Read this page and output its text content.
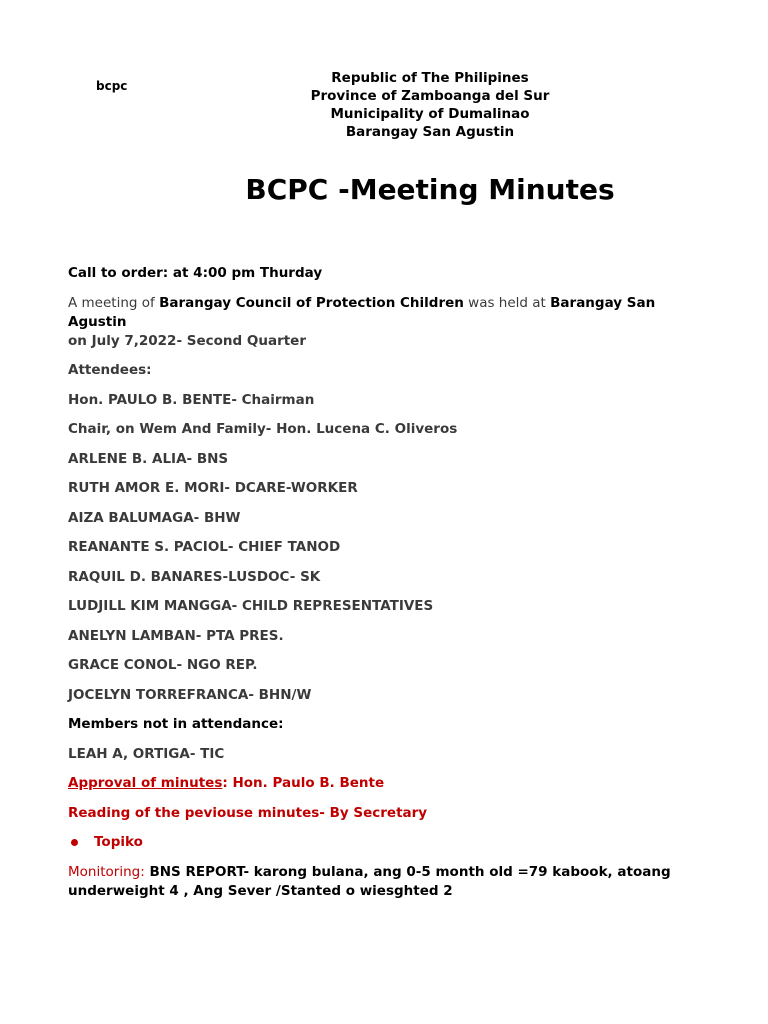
bcpc	Republic of The Philipines
Province of Zamboanga del Sur
Municipality of Dumalinao
Barangay San Agustin
BCPC -Meeting Minutes

Call to order: at 4:00 pm Thurday

A meeting of Barangay Council of Protection Children was held at Barangay San Agustin

on July 7,2022- Second Quarter

Attendees:

Hon. PAULO B. BENTE- Chairman

Chair, on Wem And Family- Hon. Lucena C. Oliveros

ARLENE B. ALIA- BNS

RUTH AMOR E. MORI- DCARE-WORKER

AIZA BALUMAGA- BHW

REANANTE S. PACIOL- CHIEF TANOD

RAQUIL D. BANARES-LUSDOC- SK

LUDJILL KIM MANGGA- CHILD REPRESENTATIVES

ANELYN LAMBAN- PTA PRES.

GRACE CONOL- NGO REP.

JOCELYN TORREFRANCA- BHN/W

Members not in attendance:

LEAH A, ORTIGA- TIC

Approval of minutes: Hon. Paulo B. Bente

Reading of the peviouse minutes- By Secretary

Topiko

Monitoring: BNS REPORT- karong bulana, ang 0-5 month old =79 kabook, atoang

underweight 4 , Ang Sever /Stanted o wiesghted 2
